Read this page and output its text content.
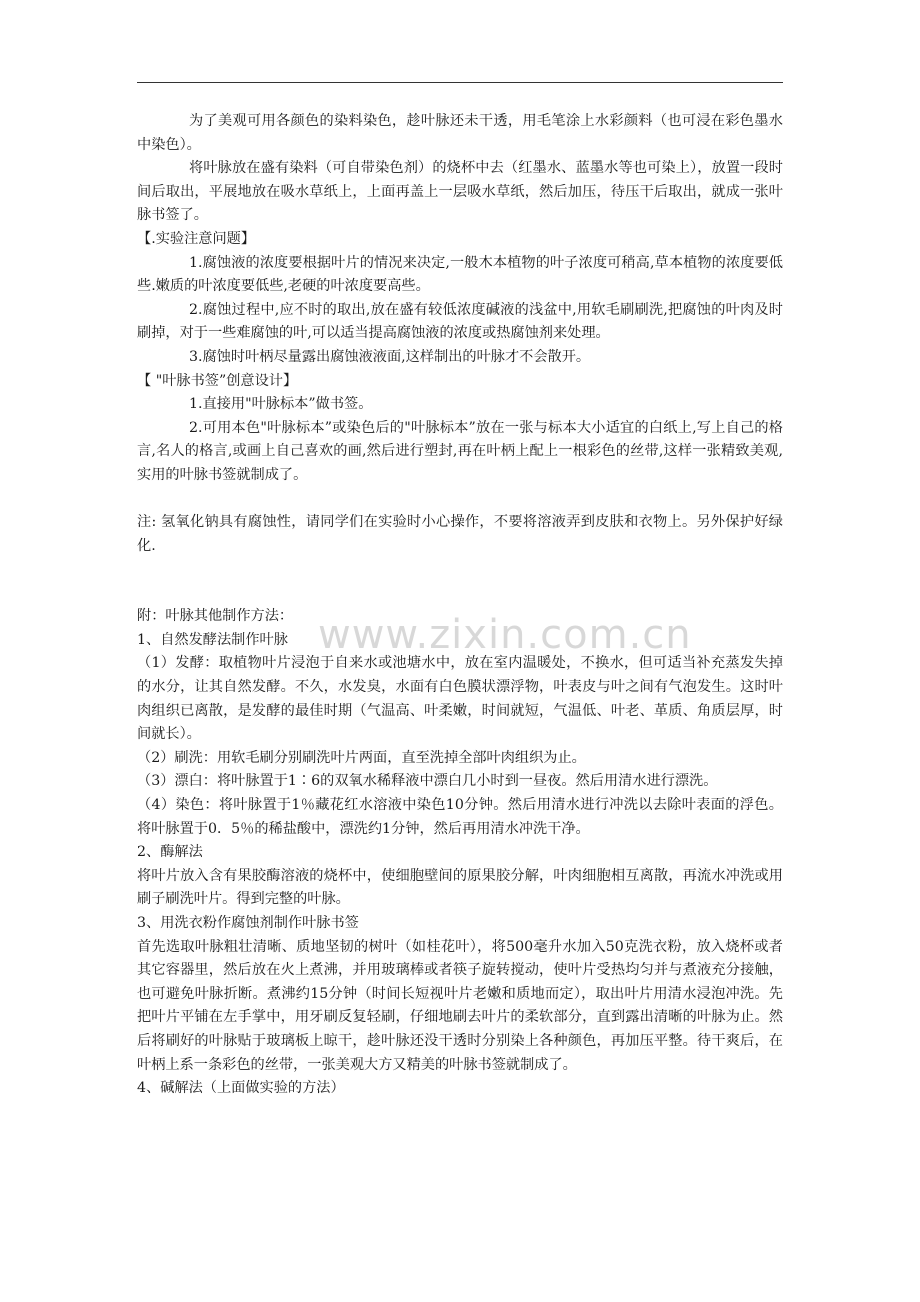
www.zixin.com.cn

为了美观可用各颜色的染料染色，趁叶脉还未干透，用毛笔涂上水彩颜料（也可浸在彩色墨水中染色）。

将叶脉放在盛有染料（可自带染色剂）的烧杯中去（红墨水、蓝墨水等也可染上），放置一段时间后取出，平展地放在吸水草纸上，上面再盖上一层吸水草纸，然后加压，待压干后取出，就成一张叶脉书签了。

【.实验注意问题】

1.腐蚀液的浓度要根据叶片的情况来决定,一般木本植物的叶子浓度可稍高,草本植物的浓度要低些.嫩质的叶浓度要低些,老硬的叶浓度要高些。

2.腐蚀过程中,应不时的取出,放在盛有较低浓度碱液的浅盆中,用软毛刷刷洗,把腐蚀的叶肉及时刷掉，对于一些难腐蚀的叶,可以适当提高腐蚀液的浓度或热腐蚀剂来处理。

3.腐蚀时叶柄尽量露出腐蚀液液面,这样制出的叶脉才不会散开。

【 "叶脉书签”创意设计】

1.直接用"叶脉标本”做书签。

2.可用本色"叶脉标本”或染色后的"叶脉标本”放在一张与标本大小适宜的白纸上,写上自己的格言,名人的格言,或画上自己喜欢的画,然后进行塑封,再在叶柄上配上一根彩色的丝带,这样一张精致美观,实用的叶脉书签就制成了。

注: 氢氧化钠具有腐蚀性，请同学们在实验时小心操作，不要将溶液弄到皮肤和衣物上。另外保护好绿化.

附：叶脉其他制作方法：

1、自然发酵法制作叶脉

（1）发酵：取植物叶片浸泡于自来水或池塘水中，放在室内温暖处，不换水，但可适当补充蒸发失掉的水分，让其自然发酵。不久，水发臭，水面有白色膜状漂浮物，叶表皮与叶之间有气泡发生。这时叶肉组织已离散，是发酵的最佳时期（气温高、叶柔嫩，时间就短，气温低、叶老、革质、角质层厚，时间就长）。

（2）刷洗：用软毛刷分别刷洗叶片两面，直至洗掉全部叶肉组织为止。

（3）漂白：将叶脉置于1∶6的双氧水稀释液中漂白几小时到一昼夜。然后用清水进行漂洗。

（4）染色：将叶脉置于1％藏花红水溶液中染色10分钟。然后用清水进行冲洗以去除叶表面的浮色。将叶脉置于0．5％的稀盐酸中，漂洗约1分钟，然后再用清水冲洗干净。

2、酶解法

将叶片放入含有果胶酶溶液的烧杯中，使细胞壁间的原果胶分解，叶肉细胞相互离散，再流水冲洗或用刷子刷洗叶片。得到完整的叶脉。

3、用洗衣粉作腐蚀剂制作叶脉书签

首先选取叶脉粗壮清晰、质地坚韧的树叶（如桂花叶），将500毫升水加入50克洗衣粉，放入烧杯或者其它容器里，然后放在火上煮沸，并用玻璃棒或者筷子旋转搅动，使叶片受热均匀并与煮液充分接触，也可避免叶脉折断。煮沸约15分钟（时间长短视叶片老嫩和质地而定），取出叶片用清水浸泡冲洗。先把叶片平铺在左手掌中，用牙刷反复轻刷，仔细地刷去叶片的柔软部分，直到露出清晰的叶脉为止。然后将刷好的叶脉贴于玻璃板上晾干，趁叶脉还没干透时分别染上各种颜色，再加压平整。待干爽后，在叶柄上系一条彩色的丝带，一张美观大方又精美的叶脉书签就制成了。

4、碱解法（上面做实验的方法）
